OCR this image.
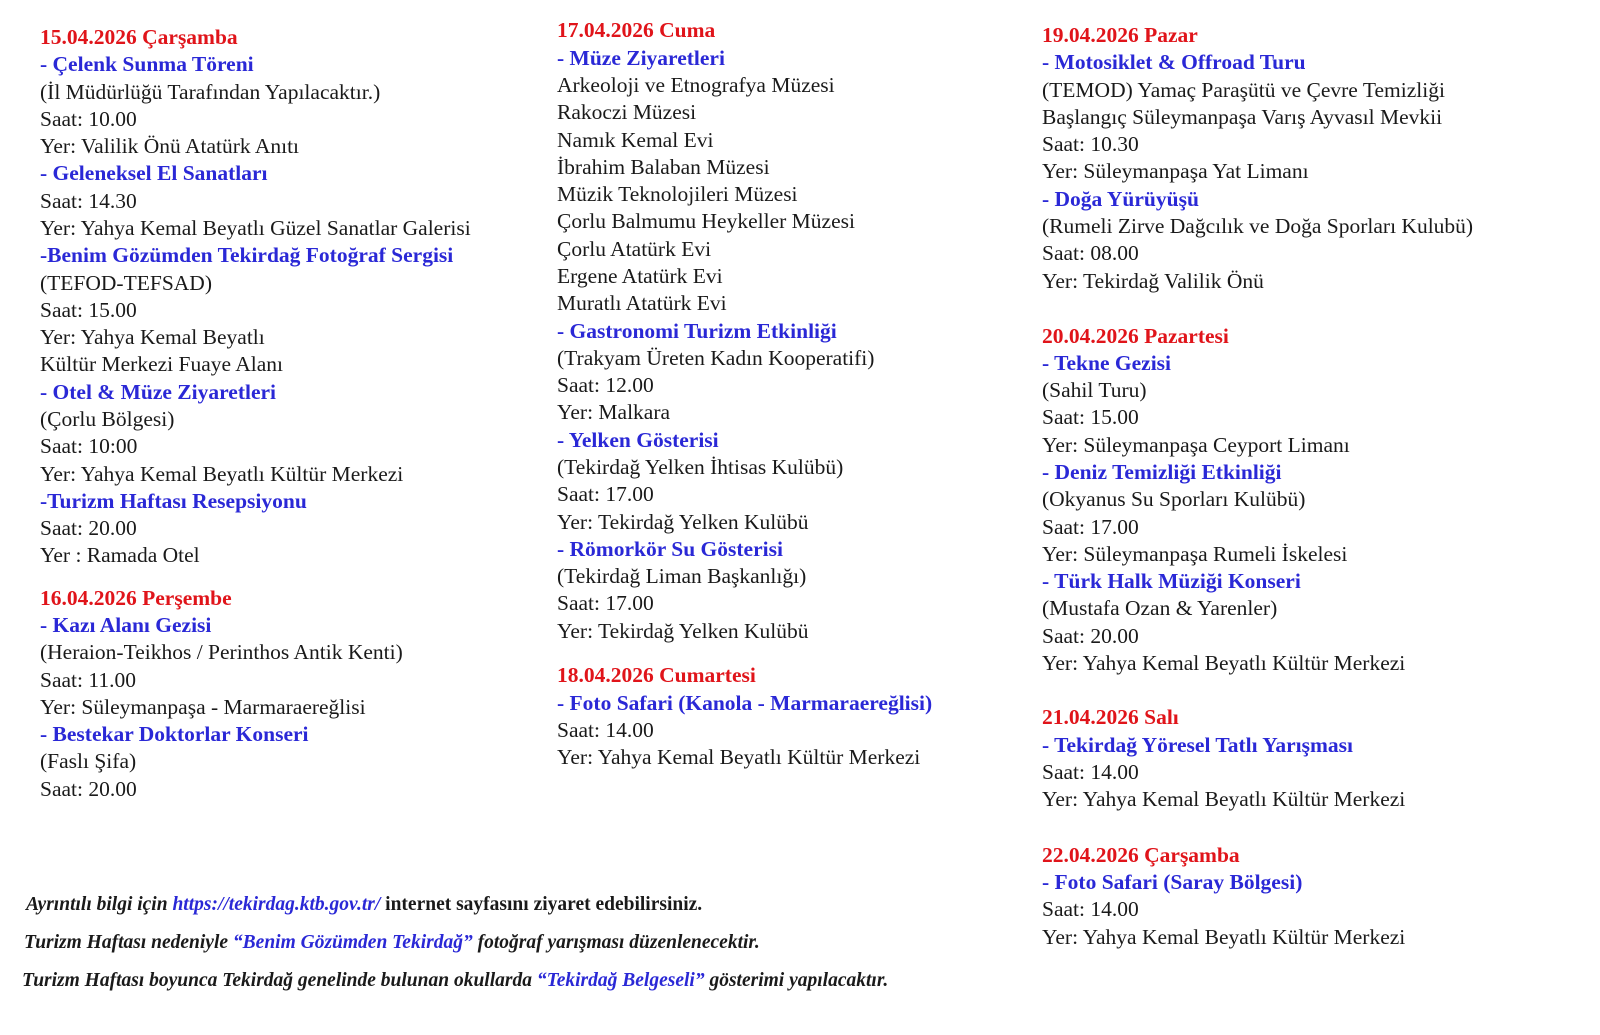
15.04.2026 Çarşamba
- Çelenk Sunma Töreni
(İl Müdürlüğü Tarafından Yapılacaktır.)
Saat: 10.00
Yer: Valilik Önü Atatürk Anıtı
- Geleneksel El Sanatları
Saat: 14.30
Yer: Yahya Kemal Beyatlı Güzel Sanatlar Galerisi
-Benim Gözümden Tekirdağ Fotoğraf Sergisi
(TEFOD-TEFSAD)
Saat: 15.00
Yer: Yahya Kemal Beyatlı
Kültür Merkezi Fuaye Alanı
- Otel & Müze Ziyaretleri
(Çorlu Bölgesi)
Saat: 10:00
Yer: Yahya Kemal Beyatlı Kültür Merkezi
-Turizm Haftası Resepsiyonu
Saat: 20.00
Yer : Ramada Otel
16.04.2026 Perşembe
- Kazı Alanı Gezisi
(Heraion-Teikhos / Perinthos Antik Kenti)
Saat: 11.00
Yer: Süleymanpaşa - Marmaraereğlisi
- Bestekar Doktorlar Konseri
(Faslı Şifa)
Saat: 20.00
17.04.2026 Cuma
- Müze Ziyaretleri
Arkeoloji ve Etnografya Müzesi
Rakoczi Müzesi
Namık Kemal Evi
İbrahim Balaban Müzesi
Müzik Teknolojileri Müzesi
Çorlu Balmumu Heykeller Müzesi
Çorlu Atatürk Evi
Ergene Atatürk Evi
Muratlı Atatürk Evi
- Gastronomi Turizm Etkinliği
(Trakyam Üreten Kadın Kooperatifi)
Saat: 12.00
Yer: Malkara
- Yelken Gösterisi
(Tekirdağ Yelken İhtisas Kulübü)
Saat: 17.00
Yer: Tekirdağ Yelken Kulübü
- Römorkör Su Gösterisi
(Tekirdağ Liman Başkanlığı)
Saat: 17.00
Yer: Tekirdağ Yelken Kulübü
18.04.2026 Cumartesi
- Foto Safari (Kanola - Marmaraereğlisi)
Saat: 14.00
Yer: Yahya Kemal Beyatlı Kültür Merkezi
19.04.2026 Pazar
- Motosiklet & Offroad Turu
(TEMOD) Yamaç Paraşütü ve Çevre Temizliği
Başlangıç Süleymanpaşa Varış Ayvasıl Mevkii
Saat: 10.30
Yer: Süleymanpaşa Yat Limanı
- Doğa Yürüyüşü
(Rumeli Zirve Dağcılık ve Doğa Sporları Kulubü)
Saat: 08.00
Yer: Tekirdağ Valilik Önü
20.04.2026 Pazartesi
- Tekne Gezisi
(Sahil Turu)
Saat: 15.00
Yer: Süleymanpaşa Ceyport Limanı
- Deniz Temizliği Etkinliği
(Okyanus Su Sporları Kulübü)
Saat: 17.00
Yer: Süleymanpaşa Rumeli İskelesi
- Türk Halk Müziği Konseri
(Mustafa Ozan & Yarenler)
Saat: 20.00
Yer: Yahya Kemal Beyatlı Kültür Merkezi
21.04.2026 Salı
- Tekirdağ Yöresel Tatlı Yarışması
Saat: 14.00
Yer: Yahya Kemal Beyatlı Kültür Merkezi
22.04.2026 Çarşamba
- Foto Safari (Saray Bölgesi)
Saat: 14.00
Yer: Yahya Kemal Beyatlı Kültür Merkezi
Ayrıntılı bilgi için https://tekirdag.ktb.gov.tr/ internet sayfasını ziyaret edebilirsiniz.
Turizm Haftası nedeniyle “Benim Gözümden Tekirdağ” fotoğraf yarışması düzenlenecektir.
Turizm Haftası boyunca Tekirdağ genelinde bulunan okullarda “Tekirdağ Belgeseli” gösterimi yapılacaktır.
